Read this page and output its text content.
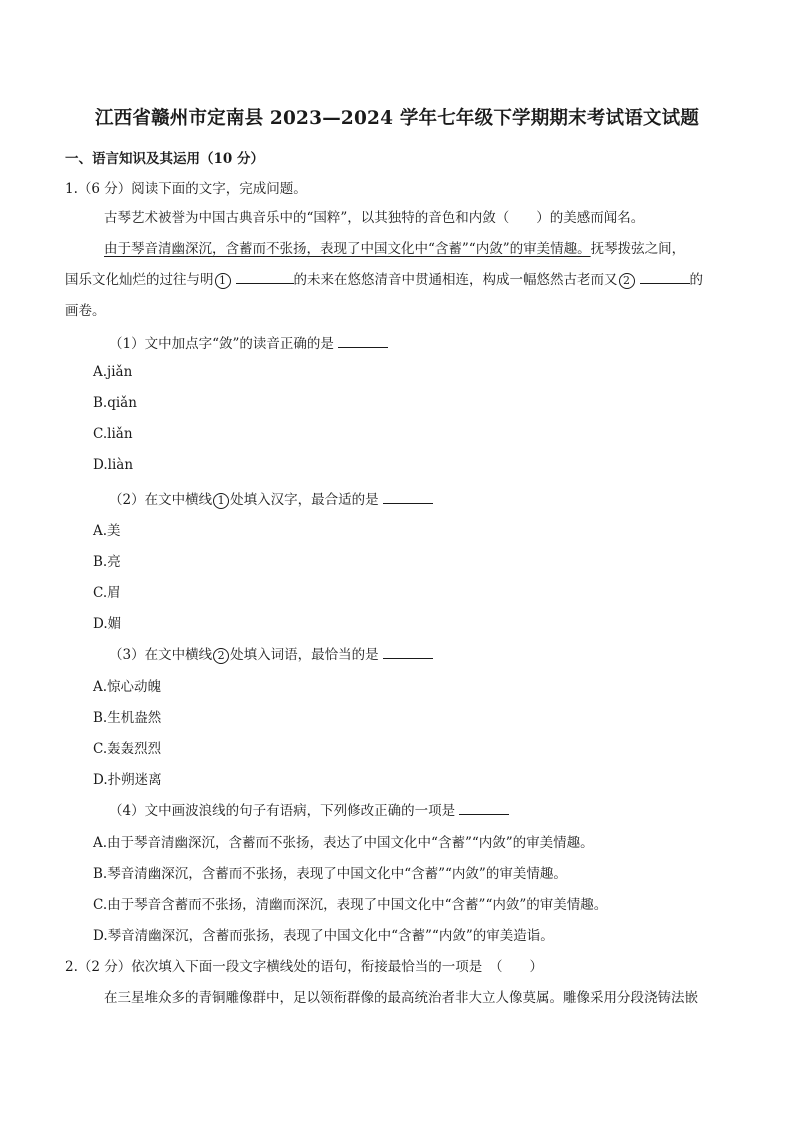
江西省赣州市定南县 2023—2024 学年七年级下学期期末考试语文试题
一、语言知识及其运用（10 分）
1.（6 分）阅读下面的文字，完成问题。
古琴艺术被誉为中国古典音乐中的“国粹”，以其独特的音色和内敛（　　）的美感而闻名。
由于琴音清幽深沉，含蓄而不张扬，表现了中国文化中“含蓄”“内敛”的审美情趣。抚琴拨弦之间，
国乐文化灿烂的过往与明 1	的未来在悠悠清音中贯通相连，构成一幅悠然古老而又 2	的
画卷。
（1）文中加点字“敛”的读音正确的是
A.jiǎn
B.qiǎn
C.liǎn
D.liàn
（2）在文中横线 1 处填入汉字，最合适的是
A.美
B.亮
C.眉
D.媚
（3）在文中横线 2 处填入词语，最恰当的是
A.惊心动魄
B.生机盎然
C.轰轰烈烈
D.扑朔迷离
（4）文中画波浪线的句子有语病，下列修改正确的一项是
A.由于琴音清幽深沉，含蓄而不张扬，表达了中国文化中“含蓄”“内敛”的审美情趣。
B.琴音清幽深沉，含蓄而不张扬，表现了中国文化中“含蓄”“内敛”的审美情趣。
C.由于琴音含蓄而不张扬，清幽而深沉，表现了中国文化中“含蓄”“内敛”的审美情趣。
D.琴音清幽深沉，含蓄而张扬，表现了中国文化中“含蓄”“内敛”的审美造诣。
2.（2 分）依次填入下面一段文字横线处的语句，衔接最恰当的一项是　（　　）
在三星堆众多的青铜雕像群中，足以领衔群像的最高统治者非大立人像莫属。雕像采用分段浇铸法嵌
